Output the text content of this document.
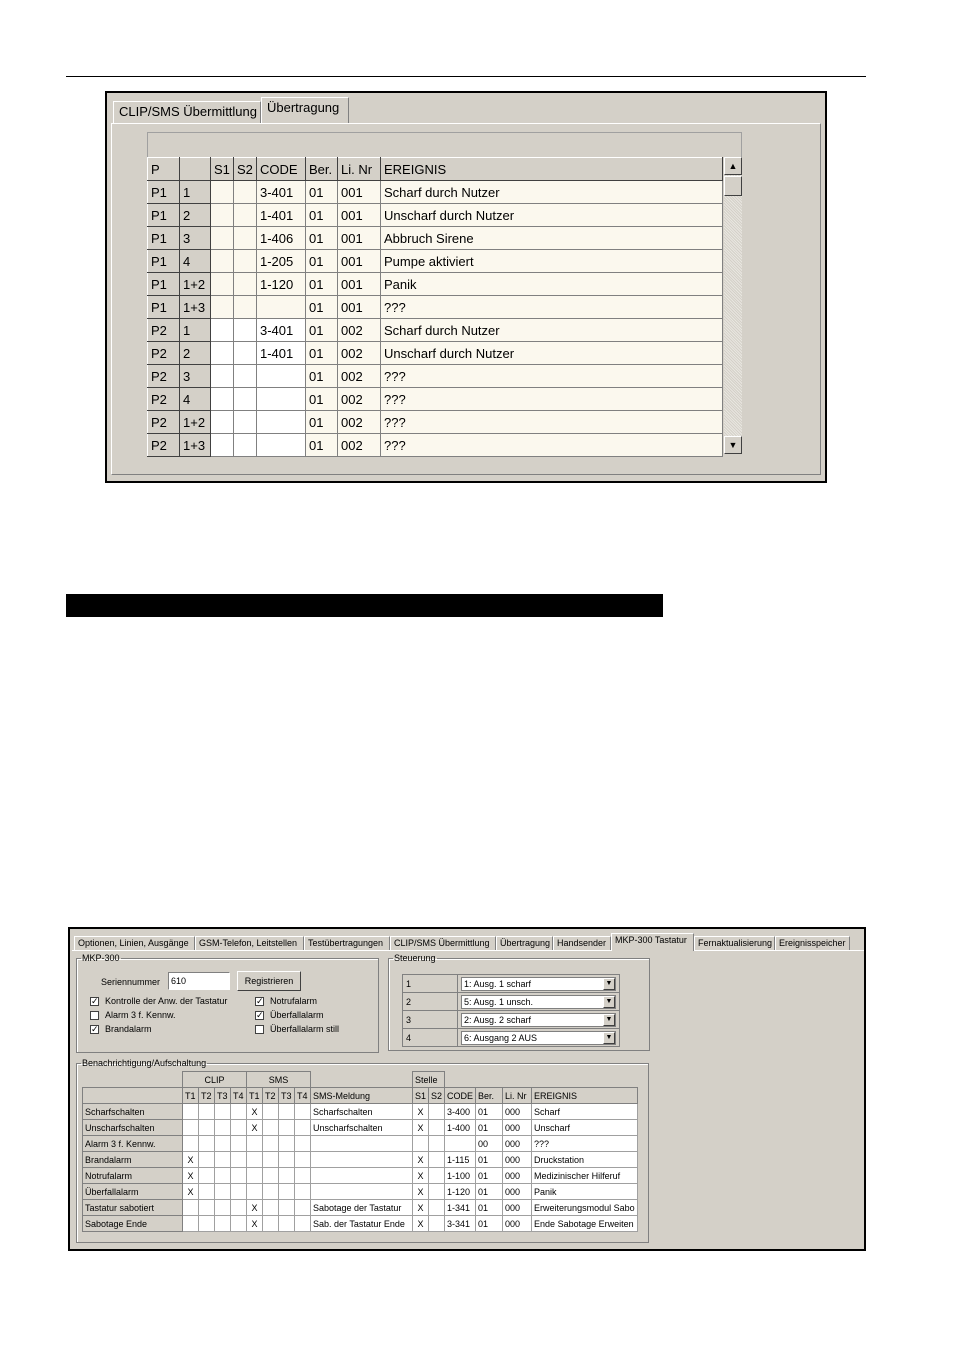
CLIP/SMS Übermittlung Übertragung
P		S1	S2	CODE	Ber.	Li. Nr	EREIGNIS
P1	1			3-401	01	001	Scharf durch Nutzer
P1	2			1-401	01	001	Unscharf durch Nutzer
P1	3			1-406	01	001	Abbruch Sirene
P1	4			1-205	01	001	Pumpe aktiviert
P1	1+2			1-120	01	001	Panik
P1	1+3				01	001	???
P2	1			3-401	01	002	Scharf durch Nutzer
P2	2			1-401	01	002	Unscharf durch Nutzer
P2	3				01	002	???
P2	4				01	002	???
P2	1+2				01	002	???
P2	1+3				01	002	???
▲
▼
Optionen, Linien, Ausgänge	GSM-Telefon, Leitstellen	Testübertragungen	CLIP/SMS Übermittlung	Übertragung Handsender MKP-300 Tastatur	Fernaktualisierung Ereignisspeicher
MKP-300
Seriennummer
610	Registrieren
✓ Kontrolle der Anw. der Tastatur
Alarm 3 f. Kennw.
✓ Brandalarm
✓ Notrufalarm
✓ Überfallalarm
Überfallalarm still
Steuerung
1	1: Ausg. 1 scharf ▼

2	5: Ausg. 1 unsch. ▼

3	2: Ausg. 2 scharf ▼

4	6: Ausgang 2 AUS ▼
Benachrichtigung/Aufschaltung
	CLIP				SMS					Stelle					
	T1	T2	T3	T4	T1	T2	T3	T4	SMS-Meldung	S1	S2	CODE	Ber.	Li. Nr	EREIGNIS
Scharfschalten					X				Scharfschalten	X		3-400	01	000	Scharf
Unscharfschalten					X				Unscharfschalten	X		1-400	01	000	Unscharf
Alarm 3 f. Kennw.													00	000	???
Brandalarm	X									X		1-115	01	000	Druckstation
Notrufalarm	X									X		1-100	01	000	Medizinischer Hilferuf
Überfallalarm	X									X		1-120	01	000	Panik
Tastatur sabotiert					X				Sabotage der Tastatur	X		1-341	01	000	Erweiterungsmodul Sabo
Sabotage Ende					X				Sab. der Tastatur Ende	X		3-341	01	000	Ende Sabotage Erweiten
